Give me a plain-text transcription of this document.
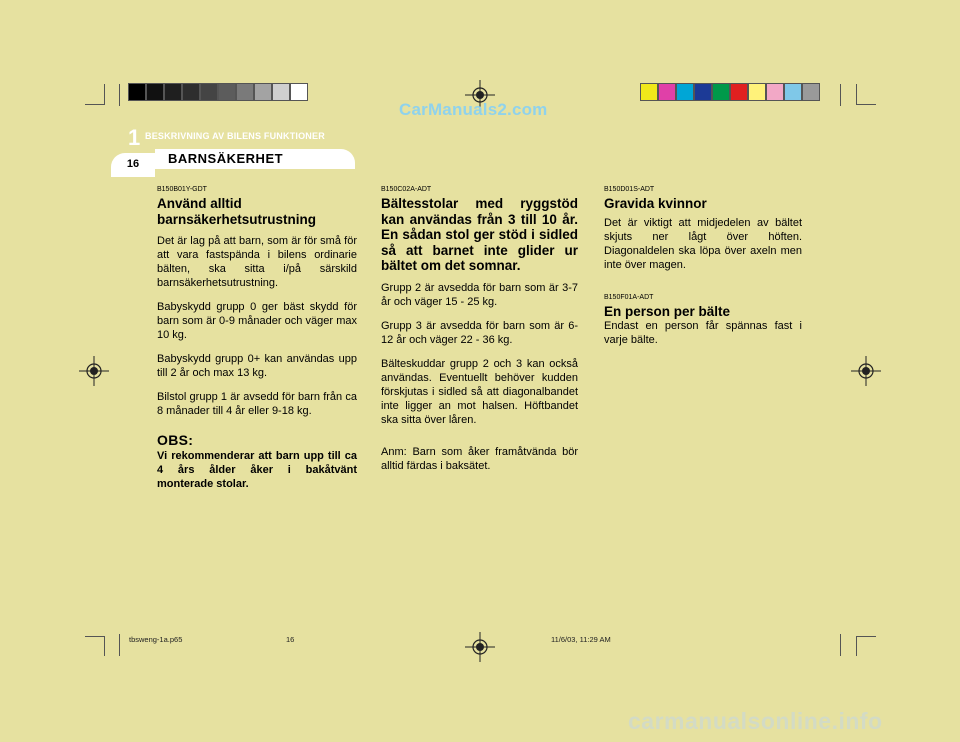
CarManuals2.com
1 BESKRIVNING AV BILENS FUNKTIONER
BARNSÄKERHET
16
B150B01Y-GDT
Använd alltid barnsäkerhetsutrustning

Det är lag på att barn, som är för små för att vara fastspända i bilens ordinarie bälten, ska sitta i/på särskild barnsäkerhetsutrustning.

Babyskydd grupp 0 ger bäst skydd för barn som är 0-9 månader och väger max 10 kg.

Babyskydd grupp 0+ kan användas upp till 2 år och max 13 kg.

Bilstol grupp 1 är avsedd för barn från ca 8 månader till 4 år eller 9-18 kg.

OBS:

Vi rekommenderar att barn upp till ca 4 års ålder åker i bakåtvänt monterade stolar.

B150C02A-ADT
Bältesstolar med ryggstöd kan användas från 3 till 10 år. En sådan stol ger stöd i sidled så att barnet inte glider ur bältet om det somnar.

Grupp 2 är avsedda för barn som är 3-7 år och väger 15 - 25 kg.

Grupp 3 är avsedda för barn som är 6-12 år och väger 22 - 36 kg.

Bälteskuddar grupp 2 och 3 kan också användas. Eventuellt behöver kudden förskjutas i sidled så att diagonalbandet inte ligger an mot halsen. Höftbandet ska sitta över låren.

Anm: Barn som åker framåtvända bör alltid färdas i baksätet.

B150D01S-ADT
Gravida kvinnor

Det är viktigt att midjedelen av bältet skjuts ner lågt över höften. Diagonaldelen ska löpa över axeln men inte över magen.

B150F01A-ADT
En person per bälte

Endast en person får spännas fast i varje bälte.

tbsweng-1a.p65	16	11/6/03, 11:29 AM
carmanualsonline.info
